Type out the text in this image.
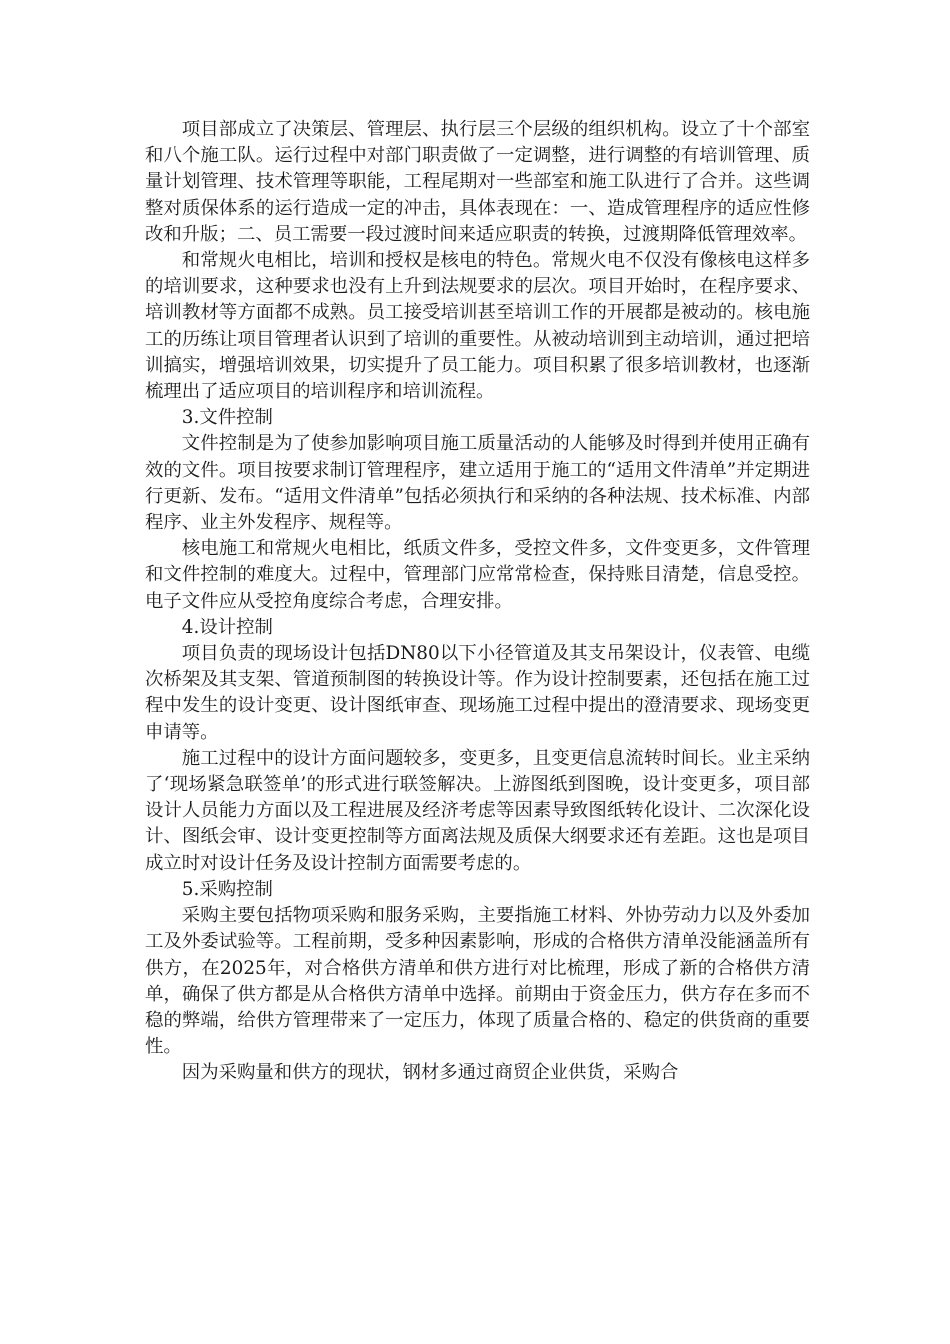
项目部成立了决策层、管理层、执行层三个层级的组织机构。设立了十个部室和八个施工队。运行过程中对部门职责做了一定调整，进行调整的有培训管理、质量计划管理、技术管理等职能，工程尾期对一些部室和施工队进行了合并。这些调整对质保体系的运行造成一定的冲击，具体表现在：一、造成管理程序的适应性修改和升版；二、员工需要一段过渡时间来适应职责的转换，过渡期降低管理效率。

和常规火电相比，培训和授权是核电的特色。常规火电不仅没有像核电这样多的培训要求，这种要求也没有上升到法规要求的层次。项目开始时，在程序要求、培训教材等方面都不成熟。员工接受培训甚至培训工作的开展都是被动的。核电施工的历练让项目管理者认识到了培训的重要性。从被动培训到主动培训，通过把培训搞实，增强培训效果，切实提升了员工能力。项目积累了很多培训教材，也逐渐梳理出了适应项目的培训程序和培训流程。

3.文件控制

文件控制是为了使参加影响项目施工质量活动的人能够及时得到并使用正确有效的文件。项目按要求制订管理程序，建立适用于施工的“适用文件清单”并定期进行更新、发布。“适用文件清单”包括必须执行和采纳的各种法规、技术标准、内部程序、业主外发程序、规程等。

核电施工和常规火电相比，纸质文件多，受控文件多，文件变更多，文件管理和文件控制的难度大。过程中，管理部门应常常检查，保持账目清楚，信息受控。电子文件应从受控角度综合考虑，合理安排。

4.设计控制

项目负责的现场设计包括DN80以下小径管道及其支吊架设计，仪表管、电缆次桥架及其支架、管道预制图的转换设计等。作为设计控制要素，还包括在施工过程中发生的设计变更、设计图纸审查、现场施工过程中提出的澄清要求、现场变更申请等。

施工过程中的设计方面问题较多，变更多，且变更信息流转时间长。业主采纳了‘现场紧急联签单’的形式进行联签解决。上游图纸到图晚，设计变更多，项目部设计人员能力方面以及工程进展及经济考虑等因素导致图纸转化设计、二次深化设计、图纸会审、设计变更控制等方面离法规及质保大纲要求还有差距。这也是项目成立时对设计任务及设计控制方面需要考虑的。

5.采购控制

采购主要包括物项采购和服务采购，主要指施工材料、外协劳动力以及外委加工及外委试验等。工程前期，受多种因素影响，形成的合格供方清单没能涵盖所有供方，在2025年，对合格供方清单和供方进行对比梳理，形成了新的合格供方清单，确保了供方都是从合格供方清单中选择。前期由于资金压力，供方存在多而不稳的弊端，给供方管理带来了一定压力，体现了质量合格的、稳定的供货商的重要性。

因为采购量和供方的现状，钢材多通过商贸企业供货，采购合
